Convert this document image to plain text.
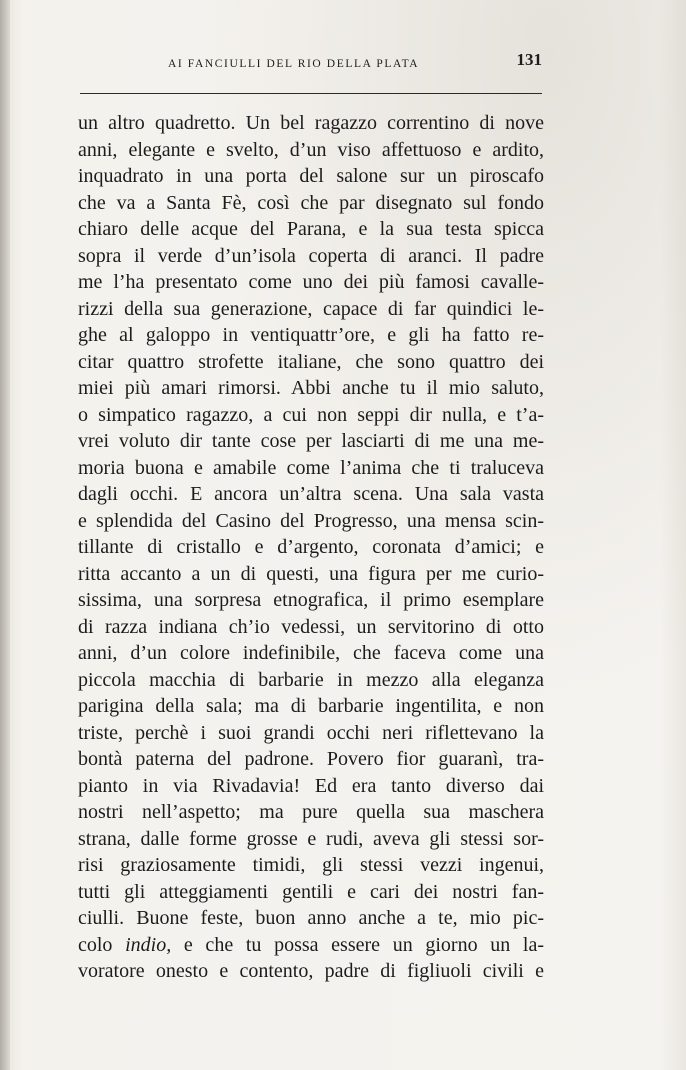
AI FANCIULLI DEL RIO DELLA PLATA	131
un altro quadretto. Un bel ragazzo correntino di nove
anni, elegante e svelto, d’un viso affettuoso e ardito,
inquadrato in una porta del salone sur un piroscafo
che va a Santa Fè, così che par disegnato sul fondo
chiaro delle acque del Parana, e la sua testa spicca
sopra il verde d’un’isola coperta di aranci. Il padre
me l’ha presentato come uno dei più famosi cavalle-
rizzi della sua generazione, capace di far quindici le-
ghe al galoppo in ventiquattr’ore, e gli ha fatto re-
citar quattro strofette italiane, che sono quattro dei
miei più amari rimorsi. Abbi anche tu il mio saluto,
o simpatico ragazzo, a cui non seppi dir nulla, e t’a-
vrei voluto dir tante cose per lasciarti di me una me-
moria buona e amabile come l’anima che ti traluceva
dagli occhi. E ancora un’altra scena. Una sala vasta
e splendida del Casino del Progresso, una mensa scin-
tillante di cristallo e d’argento, coronata d’amici; e
ritta accanto a un di questi, una figura per me curio-
sissima, una sorpresa etnografica, il primo esemplare
di razza indiana ch’io vedessi, un servitorino di otto
anni, d’un colore indefinibile, che faceva come una
piccola macchia di barbarie in mezzo alla eleganza
parigina della sala; ma di barbarie ingentilita, e non
triste, perchè i suoi grandi occhi neri riflettevano la
bontà paterna del padrone. Povero fior guaranì, tra-
pianto in via Rivadavia! Ed era tanto diverso dai
nostri nell’aspetto; ma pure quella sua maschera
strana, dalle forme grosse e rudi, aveva gli stessi sor-
risi graziosamente timidi, gli stessi vezzi ingenui,
tutti gli atteggiamenti gentili e cari dei nostri fan-
ciulli. Buone feste, buon anno anche a te, mio pic-
colo indio, e che tu possa essere un giorno un la-
voratore onesto e contento, padre di figliuoli civili e
